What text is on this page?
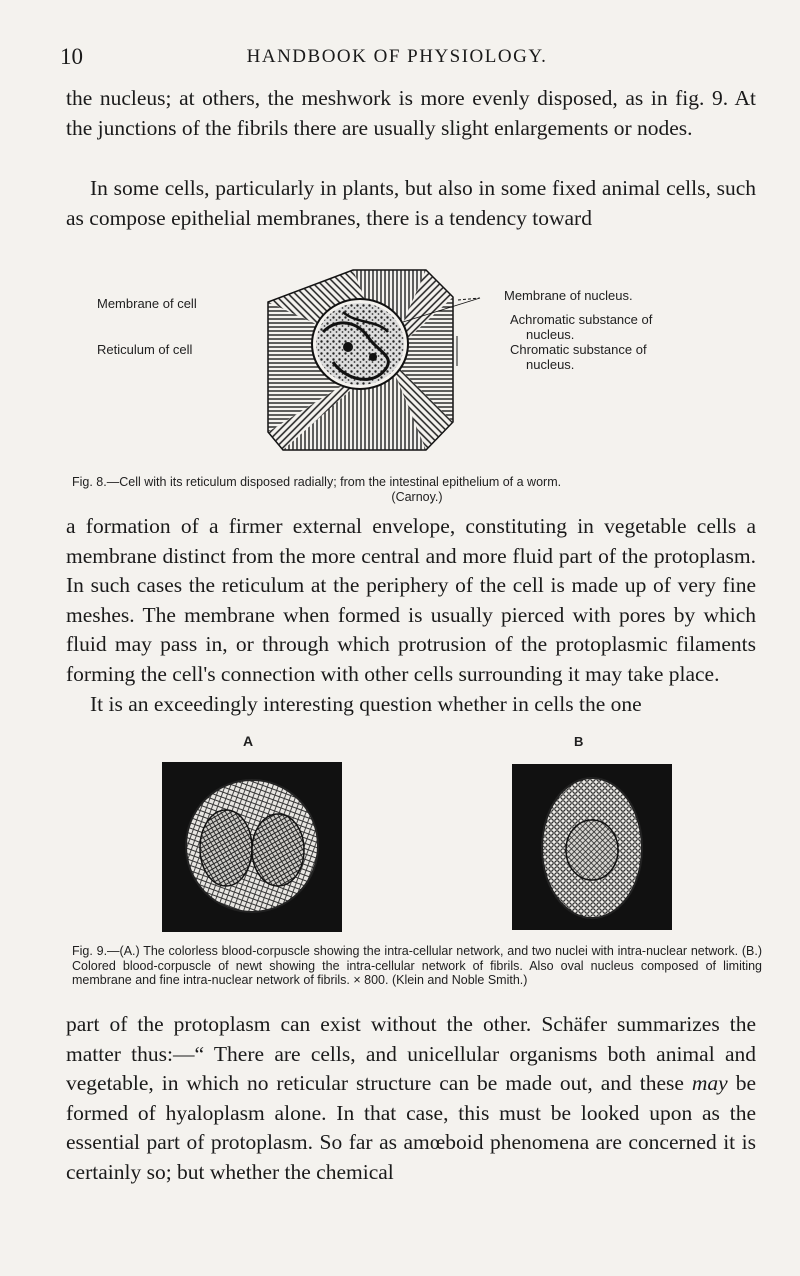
10	HANDBOOK OF PHYSIOLOGY.

the nucleus; at others, the meshwork is more evenly disposed, as in fig. 9. At the junctions of the fibrils there are usually slight enlargements or nodes.

In some cells, particularly in plants, but also in some fixed animal cells, such as compose epithelial membranes, there is a tendency toward

Membrane of cell
Reticulum of cell
Membrane of nucleus.
Achromatic substance of
nucleus.
Chromatic substance of
nucleus.
Fig. 8.—Cell with its reticulum disposed radially; from the intestinal epithelium of a worm.
(Carnoy.)

a formation of a firmer external envelope, constituting in vegetable cells a membrane distinct from the more central and more fluid part of the protoplasm. In such cases the reticulum at the periphery of the cell is made up of very fine meshes. The membrane when formed is usually pierced with pores by which fluid may pass in, or through which protrusion of the protoplasmic filaments forming the cell's connection with other cells surrounding it may take place.
It is an exceedingly interesting question whether in cells the one

A	B
Fig. 9.—(A.) The colorless blood-corpuscle showing the intra-cellular network, and two nuclei with intra-nuclear network. (B.) Colored blood-corpuscle of newt showing the intra-cellular network of fibrils. Also oval nucleus composed of limiting membrane and fine intra-nuclear network of fibrils. × 800. (Klein and Noble Smith.)

part of the protoplasm can exist without the other. Schäfer summarizes the matter thus:—“ There are cells, and unicellular organisms both animal and vegetable, in which no reticular structure can be made out, and these may be formed of hyaloplasm alone. In that case, this must be looked upon as the essential part of protoplasm. So far as amœboid phenomena are concerned it is certainly so; but whether the chemical
